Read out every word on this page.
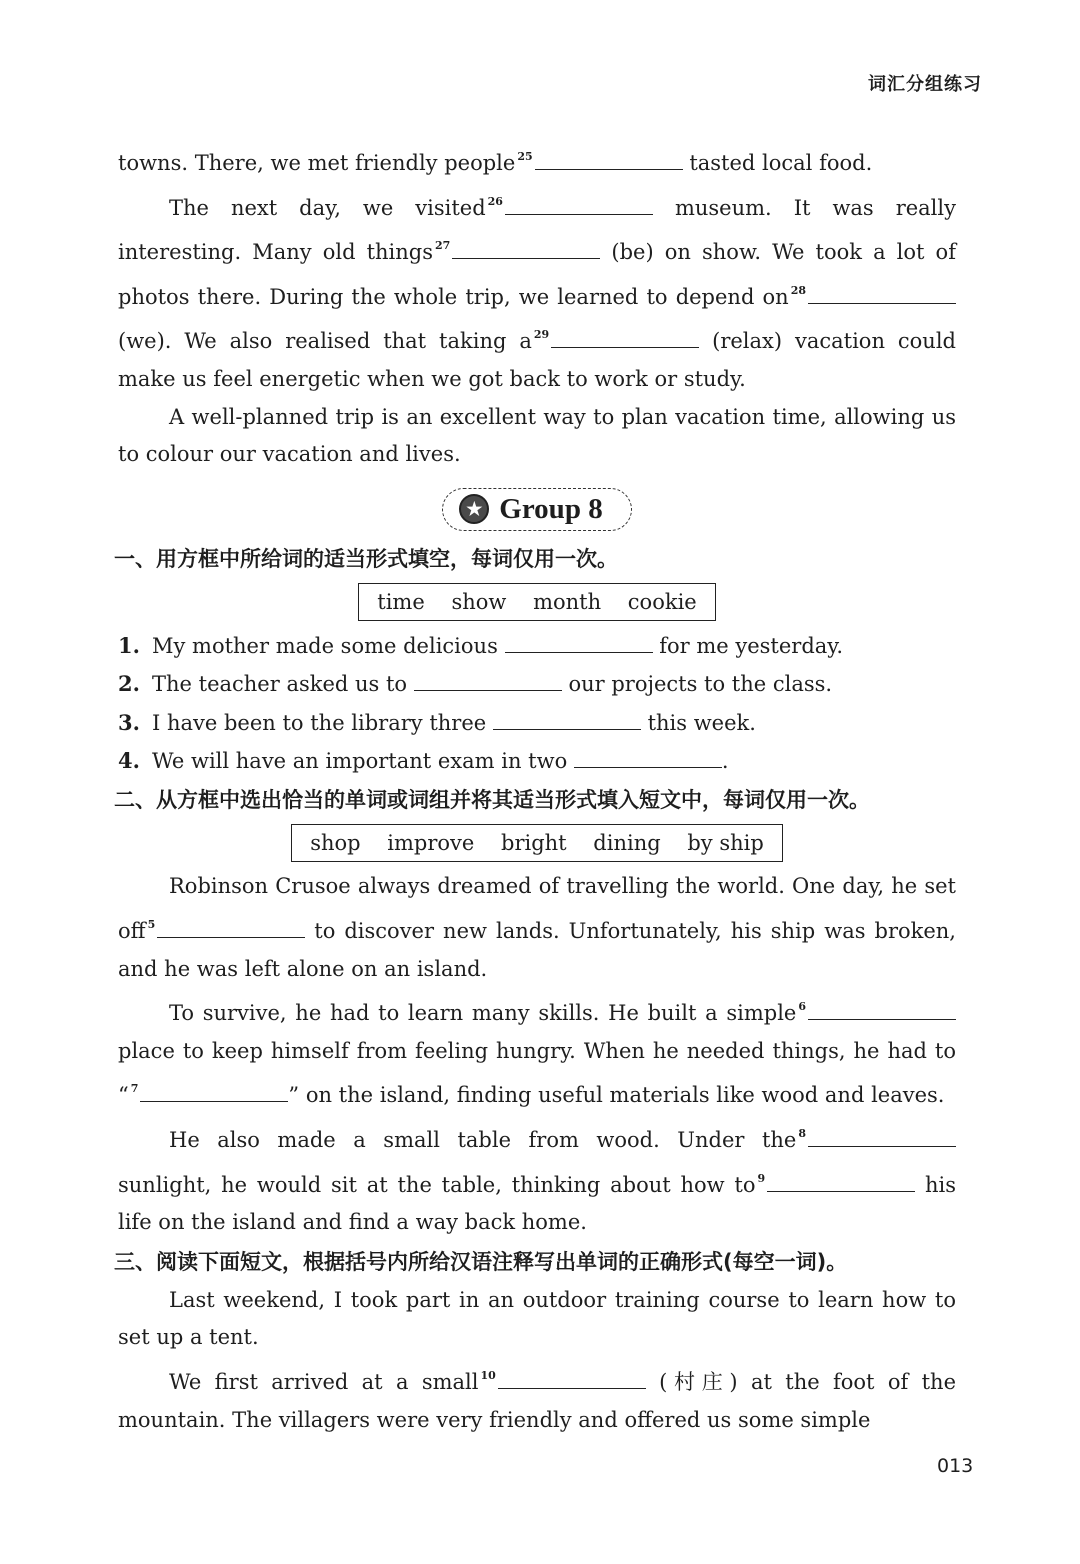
词汇分组练习

towns. There, we met friendly people $^{25}$	tasted local food.

The next day, we visited $^{26}$	museum. It was really interesting. Many old things $^{27}$	(be) on show. We took a lot of photos there. During the whole trip, we learned to depend on $^{28}$ (we). We also realised that taking a $^{29}$	(relax) vacation could make us feel energetic when we got back to work or study.

A well-planned trip is an excellent way to plan vacation time, allowing us to colour our vacation and lives.

★ Group 8
一、用方框中所给词的适当形式填空，每词仅用一次。
time show month cookie

1. My mother made some delicious	for me yesterday.

2. The teacher asked us to	our projects to the class.

3. I have been to the library three	this week.

4. We will have an important exam in two	.

二、从方框中选出恰当的单词或词组并将其适当形式填入短文中，每词仅用一次。
shop improve bright dining by ship

Robinson Crusoe always dreamed of travelling the world. One day, he set off $^5$	to discover new lands. Unfortunately, his ship was broken, and he was left alone on an island.

To survive, he had to learn many skills. He built a simple $^6$ place to keep himself from feeling hungry. When he needed things, he had to “ $^7$	” on the island, finding useful materials like wood and leaves.

He also made a small table from wood. Under the $^8$ sunlight, he would sit at the table, thinking about how to $^9$	his life on the island and find a way back home.

三、阅读下面短文，根据括号内所给汉语注释写出单词的正确形式(每空一词)。

Last weekend, I took part in an outdoor training course to learn how to set up a tent.

We first arrived at a small $^{10}$	(村庄) at the foot of the mountain. The villagers were very friendly and offered us some simple

013
